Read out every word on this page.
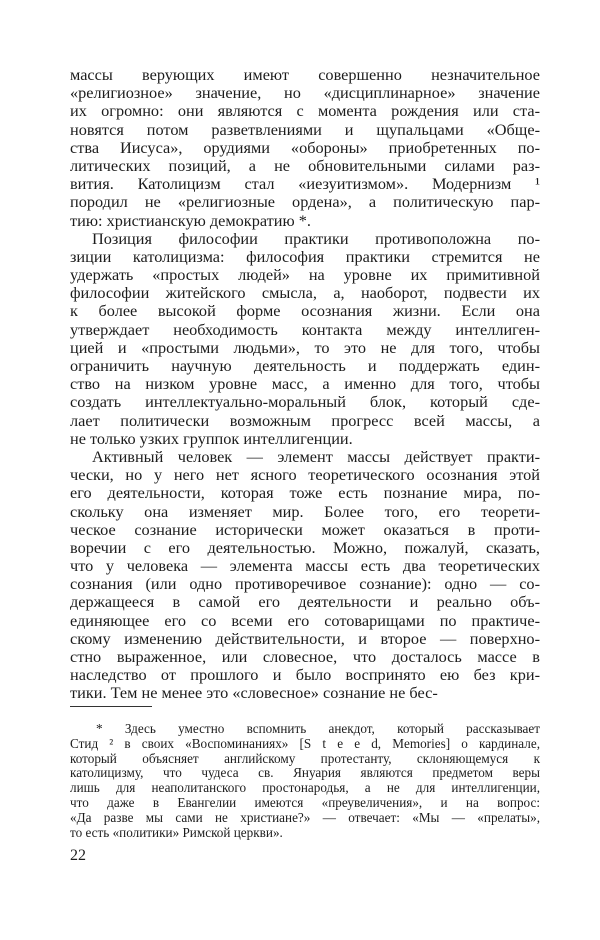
массы верующих имеют совершенно незначительное
«религиозное» значение, но «дисциплинарное» значение
их огромно: они являются с момента рождения или ста-
новятся потом разветвлениями и щупальцами «Обще-
ства Иисуса», орудиями «обороны» приобретенных по-
литических позиций, а не обновительными силами раз-
вития. Католицизм стал «иезуитизмом». Модернизм ¹
породил не «религиозные ордена», а политическую пар-
тию: христианскую демократию *.
Позиция философии практики противоположна по-
зиции католицизма: философия практики стремится не
удержать «простых людей» на уровне их примитивной
философии житейского смысла, а, наоборот, подвести их
к более высокой форме осознания жизни. Если она
утверждает необходимость контакта между интеллиген-
цией и «простыми людьми», то это не для того, чтобы
ограничить научную деятельность и поддержать един-
ство на низком уровне масс, а именно для того, чтобы
создать интеллектуально-моральный блок, который сде-
лает политически возможным прогресс всей массы, а
не только узких группок интеллигенции.
Активный человек — элемент массы действует практи-
чески, но у него нет ясного теоретического осознания этой
его деятельности, которая тоже есть познание мира, по-
скольку она изменяет мир. Более того, его теорети-
ческое сознание исторически может оказаться в проти-
воречии с его деятельностью. Можно, пожалуй, сказать,
что у человека — элемента массы есть два теоретических
сознания (или одно противоречивое сознание): одно — со-
держащееся в самой его деятельности и реально объ-
единяющее его со всеми его сотоварищами по практиче-
скому изменению действительности, и второе — поверхно-
стно выраженное, или словесное, что досталось массе в
наследство от прошлого и было воспринято ею без кри-
тики. Тем не менее это «словесное» сознание не бес-
* Здесь уместно вспомнить анекдот, который рассказывает
Стид ² в своих «Воспоминаниях» [S t e e d, Memories] о кардинале,
который объясняет английскому протестанту, склоняющемуся к
католицизму, что чудеса св. Януария являются предметом веры
лишь для неаполитанского простонародья, а не для интеллигенции,
что даже в Евангелии имеются «преувеличения», и на вопрос:
«Да разве мы сами не христиане?» — отвечает: «Мы — «прелаты»,
то есть «политики» Римской церкви».
22
